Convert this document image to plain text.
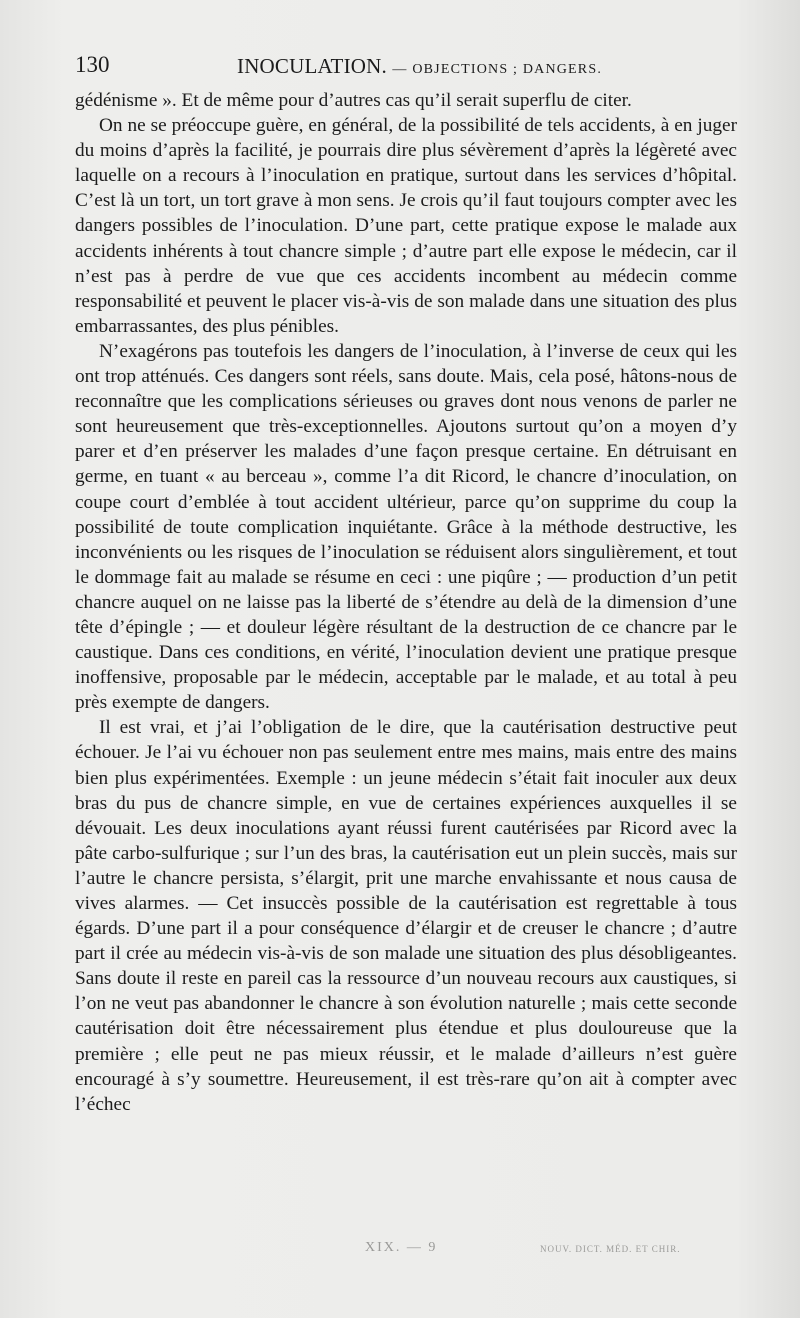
130	INOCULATION. — OBJECTIONS ; DANGERS.

gédénisme ». Et de même pour d’autres cas qu’il serait superflu de citer.

On ne se préoccupe guère, en général, de la possibilité de tels accidents, à en juger du moins d’après la facilité, je pourrais dire plus sévèrement d’après la légèreté avec laquelle on a recours à l’inoculation en pratique, surtout dans les services d’hôpital. C’est là un tort, un tort grave à mon sens. Je crois qu’il faut toujours compter avec les dangers possibles de l’inoculation. D’une part, cette pratique expose le malade aux accidents inhérents à tout chancre simple ; d’autre part elle expose le médecin, car il n’est pas à perdre de vue que ces accidents incombent au médecin comme responsabilité et peuvent le placer vis-à-vis de son malade dans une situation des plus embarrassantes, des plus pénibles.

N’exagérons pas toutefois les dangers de l’inoculation, à l’inverse de ceux qui les ont trop atténués. Ces dangers sont réels, sans doute. Mais, cela posé, hâtons-nous de reconnaître que les complications sérieuses ou graves dont nous venons de parler ne sont heureusement que très-exceptionnelles. Ajoutons surtout qu’on a moyen d’y parer et d’en préserver les malades d’une façon presque certaine. En détruisant en germe, en tuant « au berceau », comme l’a dit Ricord, le chancre d’inoculation, on coupe court d’emblée à tout accident ultérieur, parce qu’on supprime du coup la possibilité de toute complication inquiétante. Grâce à la méthode destructive, les inconvénients ou les risques de l’inoculation se réduisent alors singulièrement, et tout le dommage fait au malade se résume en ceci : une piqûre ; — production d’un petit chancre auquel on ne laisse pas la liberté de s’étendre au delà de la dimension d’une tête d’épingle ; — et douleur légère résultant de la destruction de ce chancre par le caustique. Dans ces conditions, en vérité, l’inoculation devient une pratique presque inoffensive, proposable par le médecin, acceptable par le malade, et au total à peu près exempte de dangers.

Il est vrai, et j’ai l’obligation de le dire, que la cautérisation destructive peut échouer. Je l’ai vu échouer non pas seulement entre mes mains, mais entre des mains bien plus expérimentées. Exemple : un jeune médecin s’était fait inoculer aux deux bras du pus de chancre simple, en vue de certaines expériences auxquelles il se dévouait. Les deux inoculations ayant réussi furent cautérisées par Ricord avec la pâte carbo-sulfurique ; sur l’un des bras, la cautérisation eut un plein succès, mais sur l’autre le chancre persista, s’élargit, prit une marche envahissante et nous causa de vives alarmes. — Cet insuccès possible de la cautérisation est regrettable à tous égards. D’une part il a pour conséquence d’élargir et de creuser le chancre ; d’autre part il crée au médecin vis-à-vis de son malade une situation des plus désobligeantes. Sans doute il reste en pareil cas la ressource d’un nouveau recours aux caustiques, si l’on ne veut pas abandonner le chancre à son évolution naturelle ; mais cette seconde cautérisation doit être nécessairement plus étendue et plus douloureuse que la première ; elle peut ne pas mieux réussir, et le malade d’ailleurs n’est guère encouragé à s’y soumettre. Heureusement, il est très-rare qu’on ait à compter avec l’échec

XIX. — 9	NOUV. DICT. MÉD. ET CHIR.
